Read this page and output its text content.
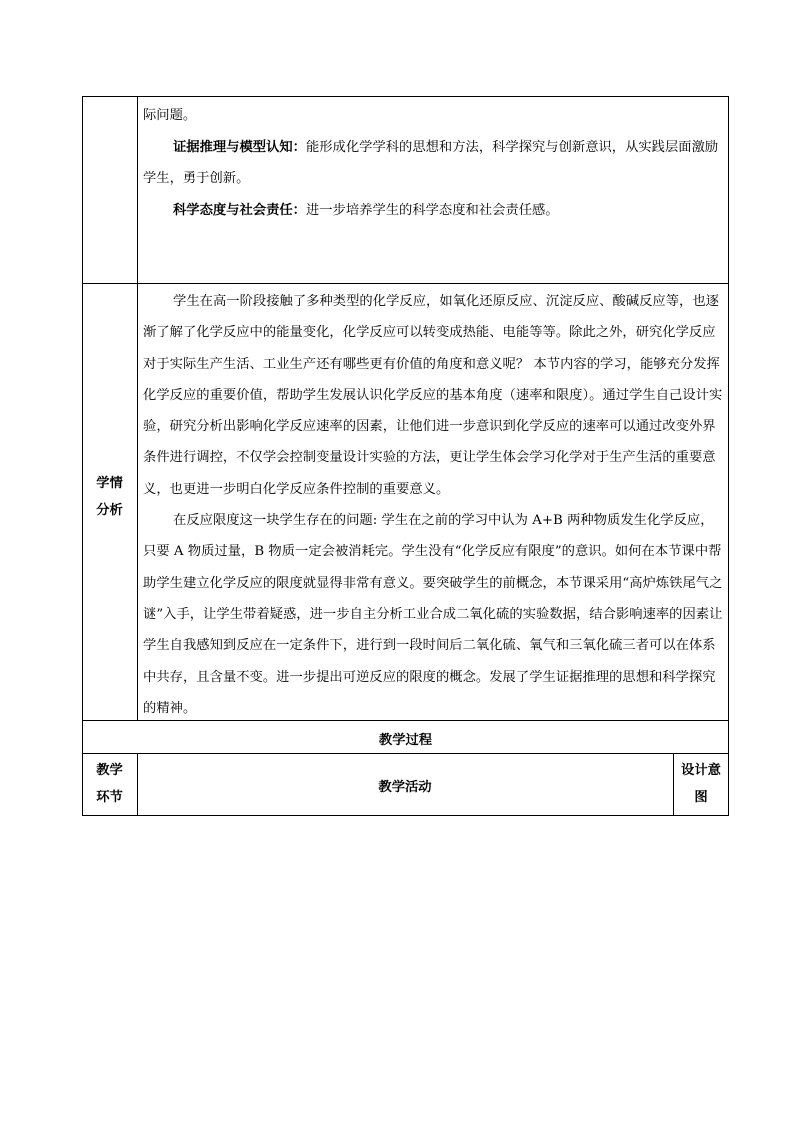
际问题。

证据推理与模型认知：能形成化学学科的思想和方法，科学探究与创新意识，从实践层面激励学生，勇于创新。

科学态度与社会责任：进一步培养学生的科学态度和社会责任感。

学情
分析

学生在高一阶段接触了多种类型的化学反应，如氧化还原反应、沉淀反应、酸碱反应等，也逐渐了解了化学反应中的能量变化，化学反应可以转变成热能、电能等等。除此之外，研究化学反应对于实际生产生活、工业生产还有哪些更有价值的角度和意义呢？ 本节内容的学习，能够充分发挥化学反应的重要价值，帮助学生发展认识化学反应的基本角度（速率和限度）。通过学生自己设计实验，研究分析出影响化学反应速率的因素，让他们进一步意识到化学反应的速率可以通过改变外界条件进行调控，不仅学会控制变量设计实验的方法，更让学生体会学习化学对于生产生活的重要意义，也更进一步明白化学反应条件控制的重要意义。

在反应限度这一块学生存在的问题: 学生在之前的学习中认为 A+B 两种物质发生化学反应，只要 A 物质过量，B 物质一定会被消耗完。学生没有“化学反应有限度”的意识。如何在本节课中帮助学生建立化学反应的限度就显得非常有意义。要突破学生的前概念，本节课采用“高炉炼铁尾气之谜”入手，让学生带着疑惑，进一步自主分析工业合成二氧化硫的实验数据，结合影响速率的因素让学生自我感知到反应在一定条件下，进行到一段时间后二氧化硫、氧气和三氧化硫三者可以在体系中共存，且含量不变。进一步提出可逆反应的限度的概念。发展了学生证据推理的思想和科学探究的精神。

教学过程
教学
环节
教学活动
设计意
图
